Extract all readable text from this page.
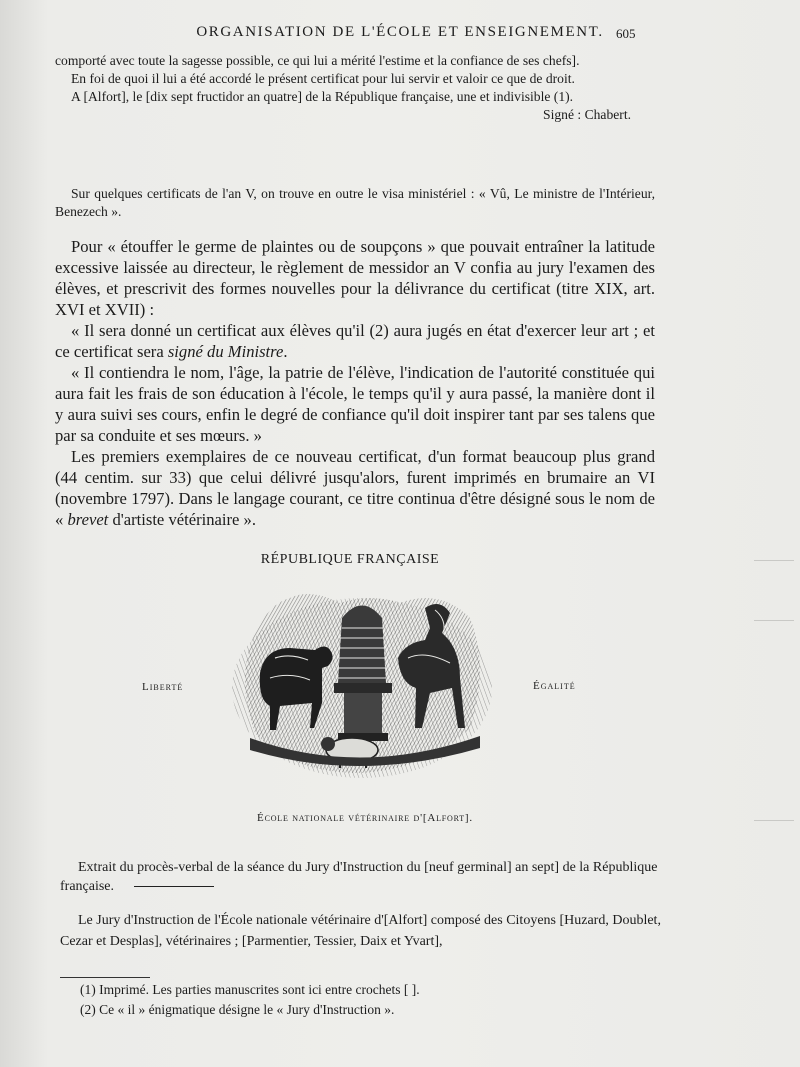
ORGANISATION DE L'ÉCOLE ET ENSEIGNEMENT. 605

comporté avec toute la sagesse possible, ce qui lui a mérité l'estime et la confiance de ses chefs].

En foi de quoi il lui a été accordé le présent certificat pour lui servir et valoir ce que de droit.

A [Alfort], le [dix sept fructidor an quatre] de la République française, une et indivisible (1).

Signé : Chabert.

Sur quelques certificats de l'an V, on trouve en outre le visa ministériel : « Vû, Le ministre de l'Intérieur, Benezech ».

Pour « étouffer le germe de plaintes ou de soupçons » que pouvait entraîner la latitude excessive laissée au directeur, le règlement de messidor an V confia au jury l'examen des élèves, et prescrivit des formes nouvelles pour la délivrance du certificat (titre XIX, art. XVI et XVII) :

« Il sera donné un certificat aux élèves qu'il (2) aura jugés en état d'exercer leur art ; et ce certificat sera signé du Ministre.

« Il contiendra le nom, l'âge, la patrie de l'élève, l'indication de l'autorité constituée qui aura fait les frais de son éducation à l'école, le temps qu'il y aura passé, la manière dont il y aura suivi ses cours, enfin le degré de confiance qu'il doit inspirer tant par ses talens que par sa conduite et ses mœurs. »

Les premiers exemplaires de ce nouveau certificat, d'un format beaucoup plus grand (44 centim. sur 33) que celui délivré jusqu'alors, furent imprimés en brumaire an VI (novembre 1797). Dans le langage courant, ce titre continua d'être désigné sous le nom de « brevet d'artiste vétérinaire ».

RÉPUBLIQUE FRANÇAISE
Liberté	Égalité
École nationale vétérinaire d'[Alfort].

Extrait du procès-verbal de la séance du Jury d'Instruction du [neuf germinal] an sept] de la République française.

Le Jury d'Instruction de l'École nationale vétérinaire d'[Alfort] composé des Citoyens [Huzard, Doublet, Cezar et Desplas], vétérinaires ; [Parmentier, Tessier, Daix et Yvart],

(1) Imprimé. Les parties manuscrites sont ici entre crochets [ ].

(2) Ce « il » énigmatique désigne le « Jury d'Instruction ».
